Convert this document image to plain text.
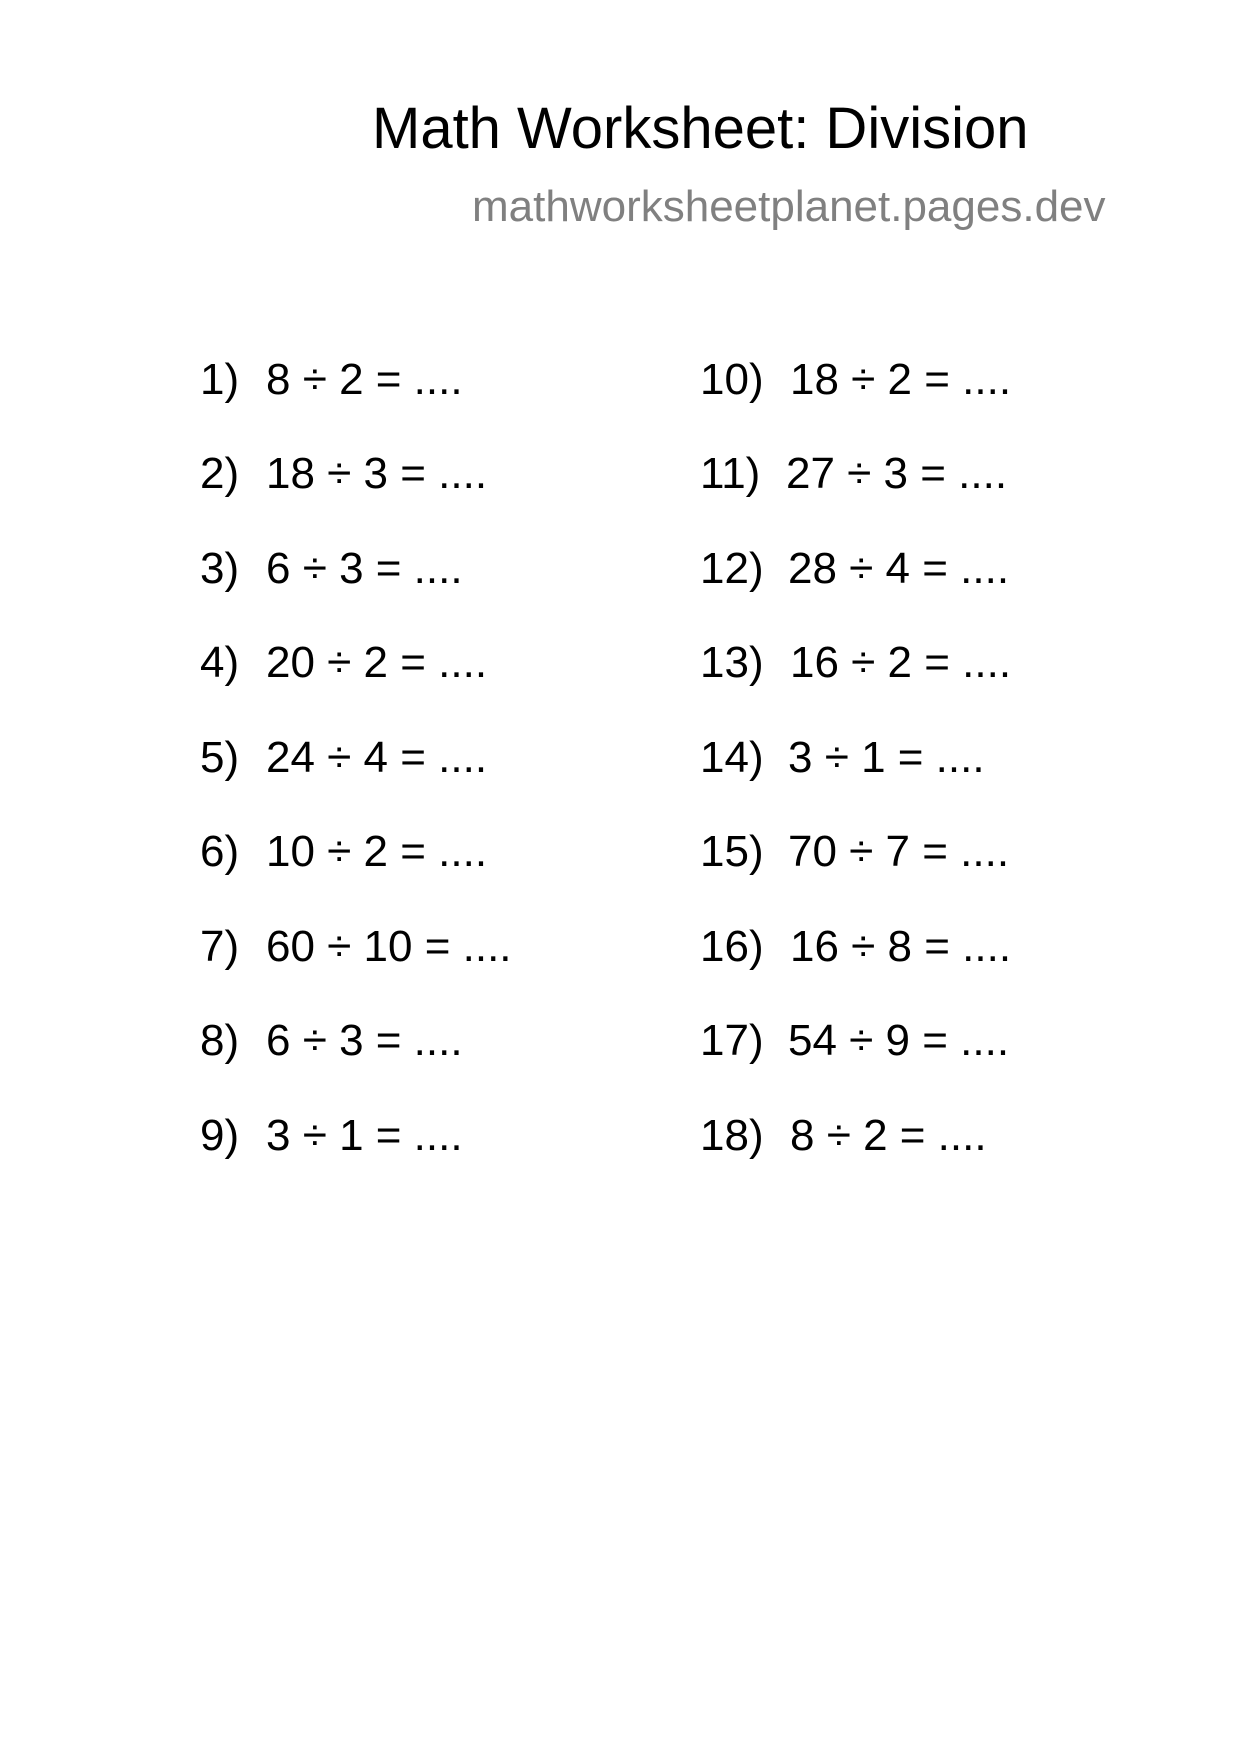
Math Worksheet: Division
mathworksheetplanet.pages.dev
1) 8 ÷ 2 = ....
2) 18 ÷ 3 = ....
3) 6 ÷ 3 = ....
4) 20 ÷ 2 = ....
5) 24 ÷ 4 = ....
6) 10 ÷ 2 = ....
7) 60 ÷ 10 = ....
8) 6 ÷ 3 = ....
9) 3 ÷ 1 = ....
10) 18 ÷ 2 = ....
11) 27 ÷ 3 = ....
12) 28 ÷ 4 = ....
13) 16 ÷ 2 = ....
14) 3 ÷ 1 = ....
15) 70 ÷ 7 = ....
16) 16 ÷ 8 = ....
17) 54 ÷ 9 = ....
18) 8 ÷ 2 = ....
